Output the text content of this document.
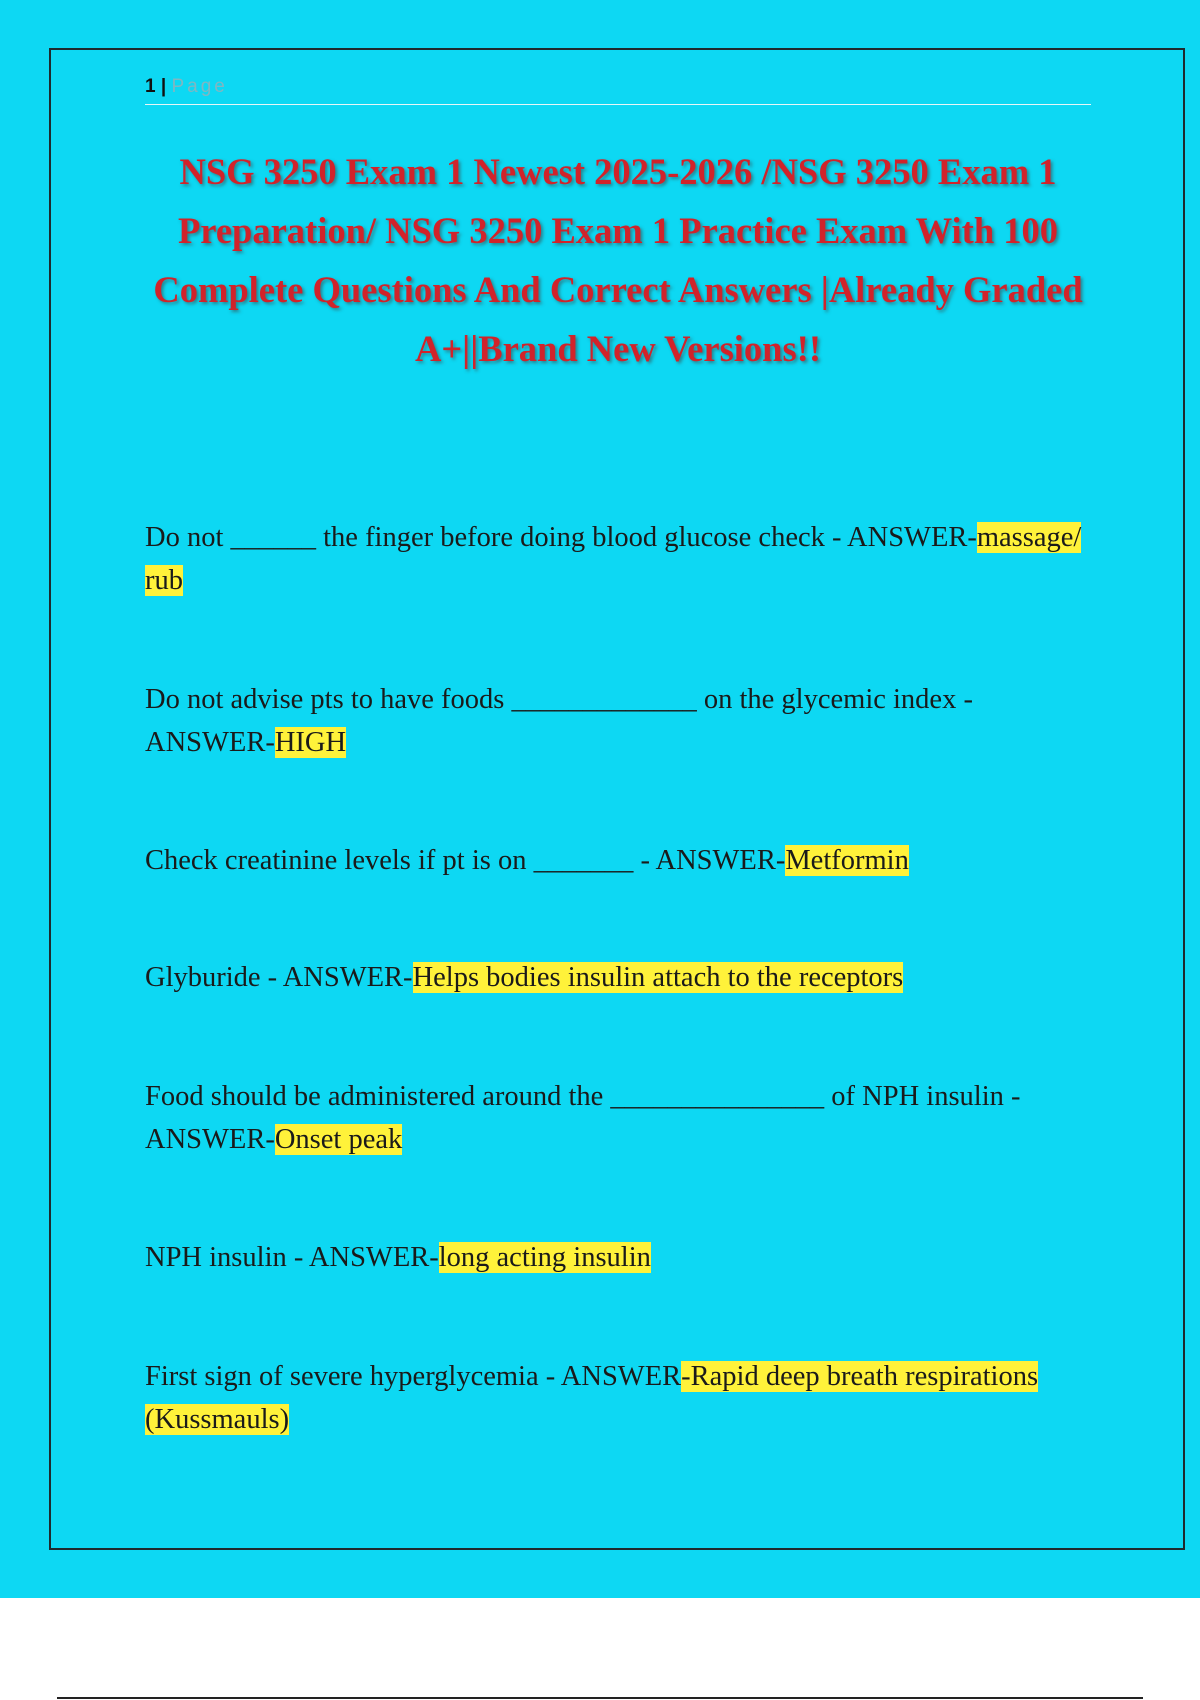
1 | Page
NSG 3250 Exam 1 Newest 2025-2026 /NSG 3250 Exam 1 Preparation/ NSG 3250 Exam 1 Practice Exam With 100 Complete Questions And Correct Answers |Already Graded A+||Brand New Versions!!

Do not ______ the finger before doing blood glucose check - ANSWER-massage/ rub

Do not advise pts to have foods _____________ on the glycemic index - ANSWER-HIGH

Check creatinine levels if pt is on _______ - ANSWER-Metformin

Glyburide - ANSWER-Helps bodies insulin attach to the receptors

Food should be administered around the _______________ of NPH insulin - ANSWER-Onset peak

NPH insulin - ANSWER-long acting insulin

First sign of severe hyperglycemia - ANSWER-Rapid deep breath respirations (Kussmauls)
